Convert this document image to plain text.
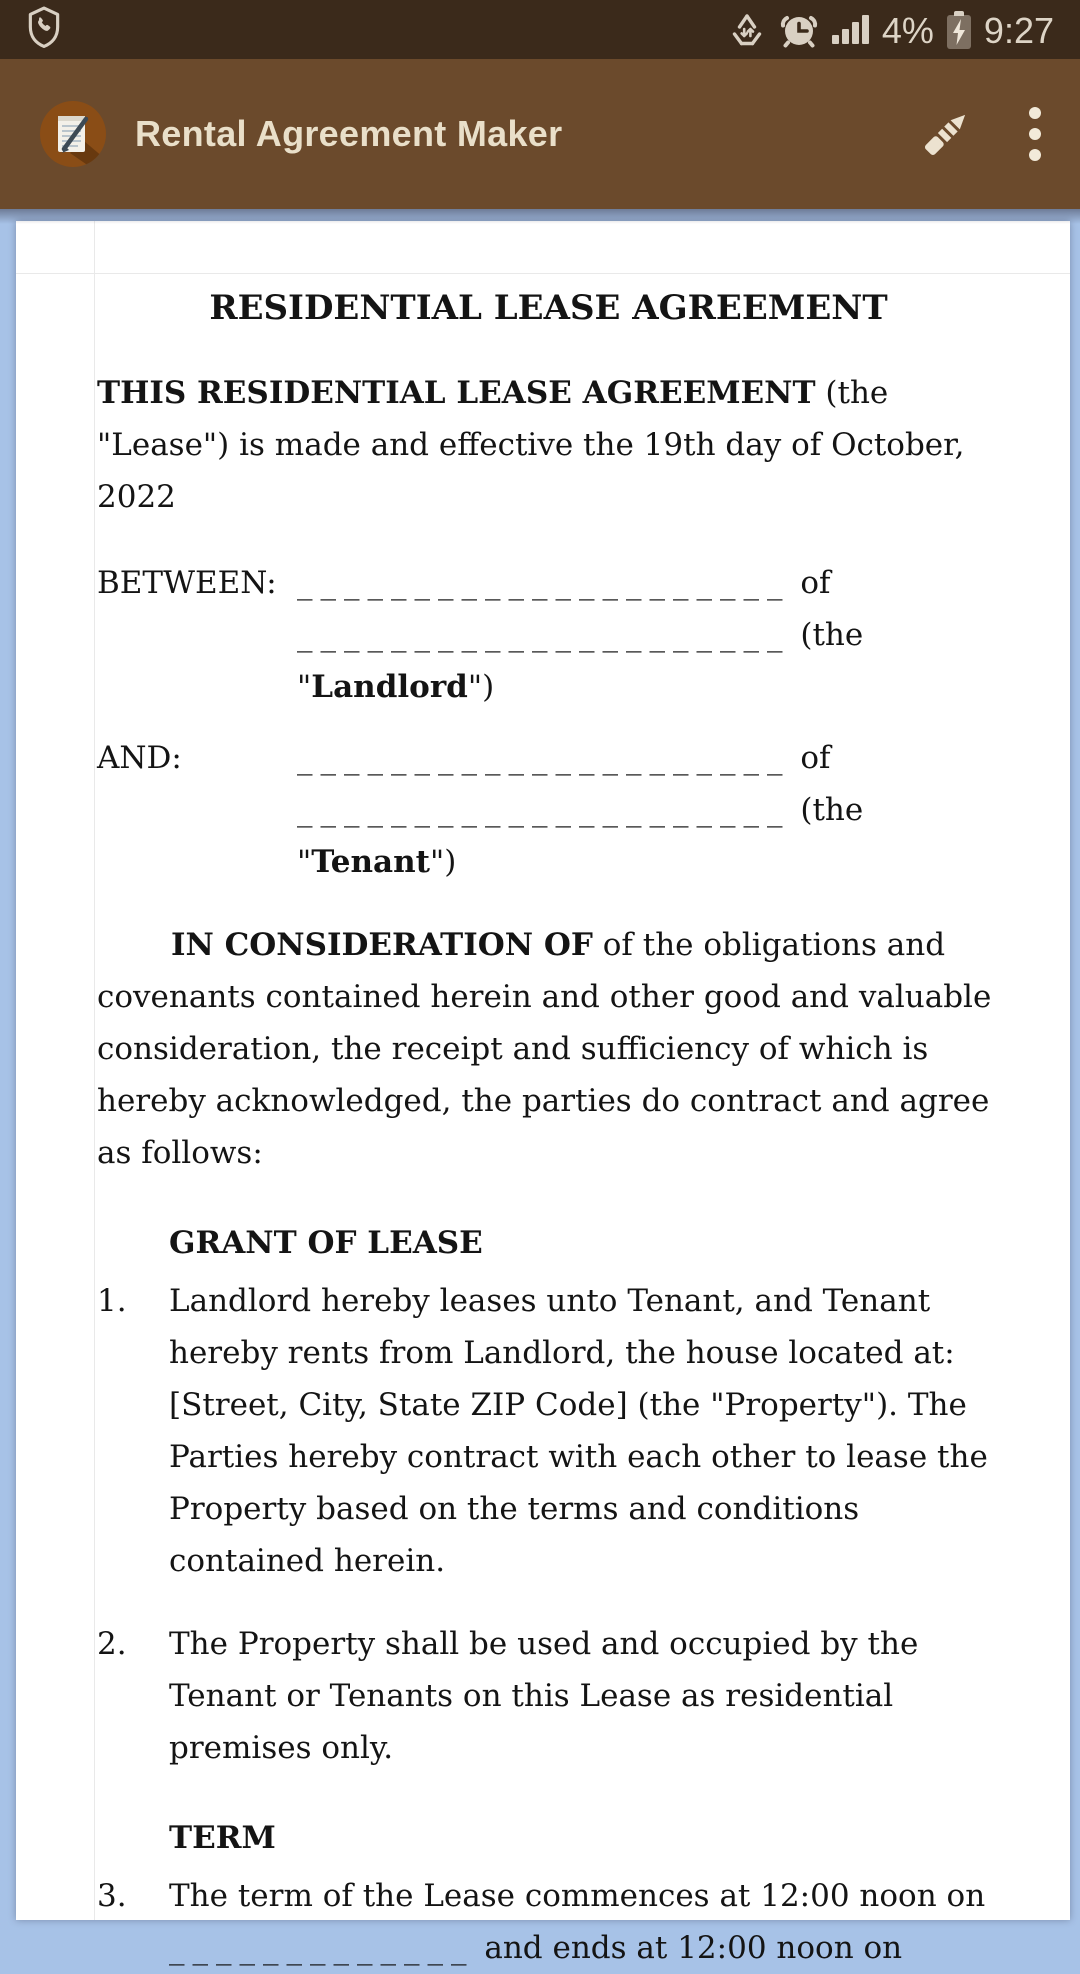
4% 9:27
Rental Agreement Maker
RESIDENTIAL LEASE AGREEMENT

THIS RESIDENTIAL LEASE AGREEMENT (the "Lease") is made and effective the 19th day of October, 2022

BETWEEN: _____________________ of _____________________ (the "Landlord")
AND:	_____________________ of _____________________ (the "Tenant")

IN CONSIDERATION OF of the obligations and covenants contained herein and other good and valuable consideration, the receipt and sufficiency of which is hereby acknowledged, the parties do contract and agree as follows:

GRANT OF LEASE
1.	Landlord hereby leases unto Tenant, and Tenant hereby rents from Landlord, the house located at: [Street, City, State ZIP Code] (the "Property"). The Parties hereby contract with each other to lease the Property based on the terms and conditions contained herein.
2.	The Property shall be used and occupied by the Tenant or Tenants on this Lease as residential premises only.
TERM
3.	The term of the Lease commences at 12:00 noon on _____________ and ends at 12:00 noon on
